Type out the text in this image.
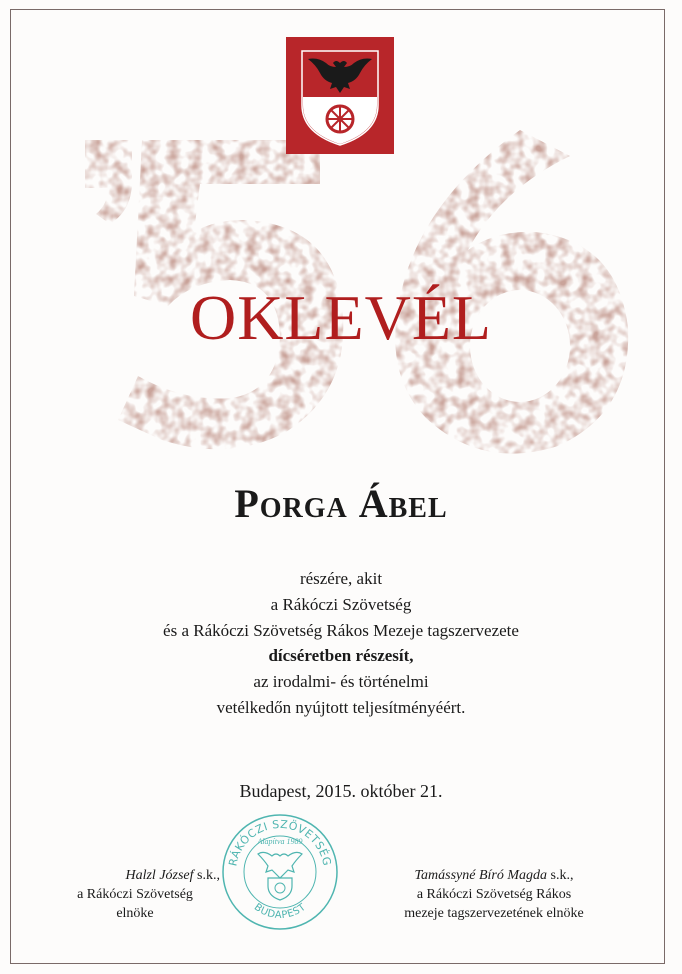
OKLEVÉL
Porga Ábel
részére, akit
a Rákóczi Szövetség
és a Rákóczi Szövetség Rákos Mezeje tagszervezete
dícséretben részesít,
az irodalmi- és történelmi
vetélkedőn nyújtott teljesítményéért.
Budapest, 2015. október 21.
Halzl József s.k.,
a Rákóczi Szövetség
elnöke
RÁKÓCZI SZÖVETSÉG
Alapítva 1989
BUDAPEST
Tamássyné Bíró Magda s.k.,
a Rákóczi Szövetség Rákos
mezeje tagszervezetének elnöke
